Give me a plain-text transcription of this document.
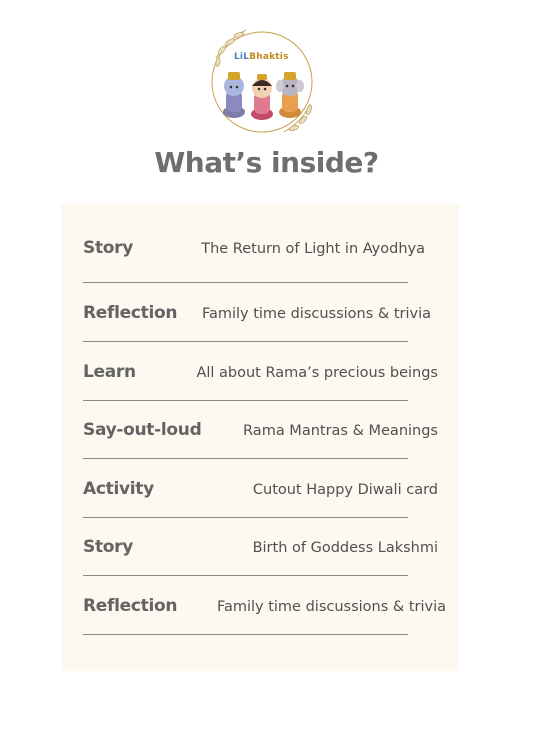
LiLBhaktis
What’s inside?
Story	The Return of Light in Ayodhya
Reflection Family time discussions & trivia
Learn	All about Rama’s precious beings
Say-out-loud	Rama Mantras & Meanings
Activity	Cutout Happy Diwali card
Story	Birth of Goddess Lakshmi
Reflection	Family time discussions & trivia
